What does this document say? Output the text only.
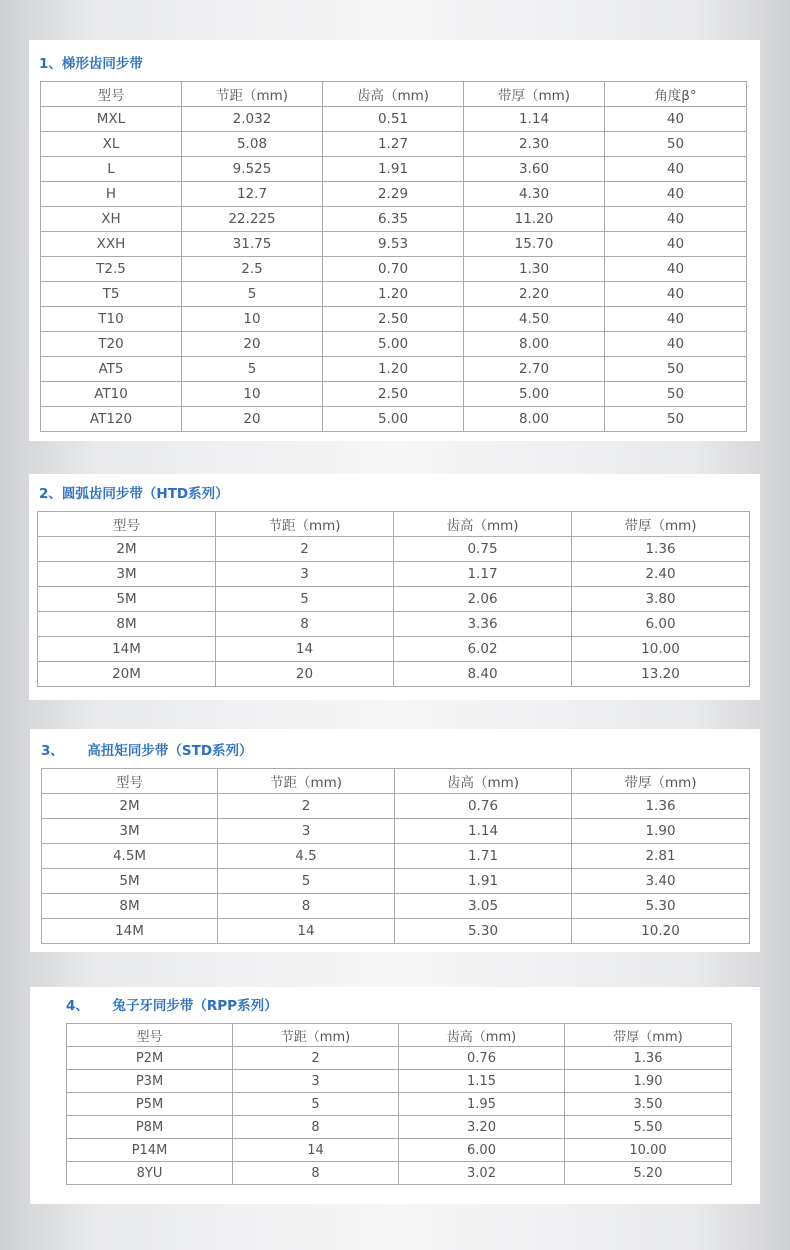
1、梯形齿同步带
型号	节距（mm)	齿高（mm)	带厚（mm)	角度β°
MXL	2.032	0.51	1.14	40
XL	5.08	1.27	2.30	50
L	9.525	1.91	3.60	40
H	12.7	2.29	4.30	40
XH	22.225	6.35	11.20	40
XXH	31.75	9.53	15.70	40
T2.5	2.5	0.70	1.30	40
T5	5	1.20	2.20	40
T10	10	2.50	4.50	40
T20	20	5.00	8.00	40
AT5	5	1.20	2.70	50
AT10	10	2.50	5.00	50
AT120	20	5.00	8.00	50
2、圆弧齿同步带（HTD系列）
型号	节距（mm)	齿高（mm)	带厚（mm)
2M	2	0.75	1.36
3M	3	1.17	2.40
5M	5	2.06	3.80
8M	8	3.36	6.00
14M	14	6.02	10.00
20M	20	8.40	13.20
3、     高扭矩同步带（STD系列）
型号	节距（mm)	齿高（mm)	带厚（mm)
2M	2	0.76	1.36
3M	3	1.14	1.90
4.5M	4.5	1.71	2.81
5M	5	1.91	3.40
8M	8	3.05	5.30
14M	14	5.30	10.20
4、     兔子牙同步带（RPP系列）
型号	节距（mm)	齿高（mm)	带厚（mm)
P2M	2	0.76	1.36
P3M	3	1.15	1.90
P5M	5	1.95	3.50
P8M	8	3.20	5.50
P14M	14	6.00	10.00
8YU	8	3.02	5.20
